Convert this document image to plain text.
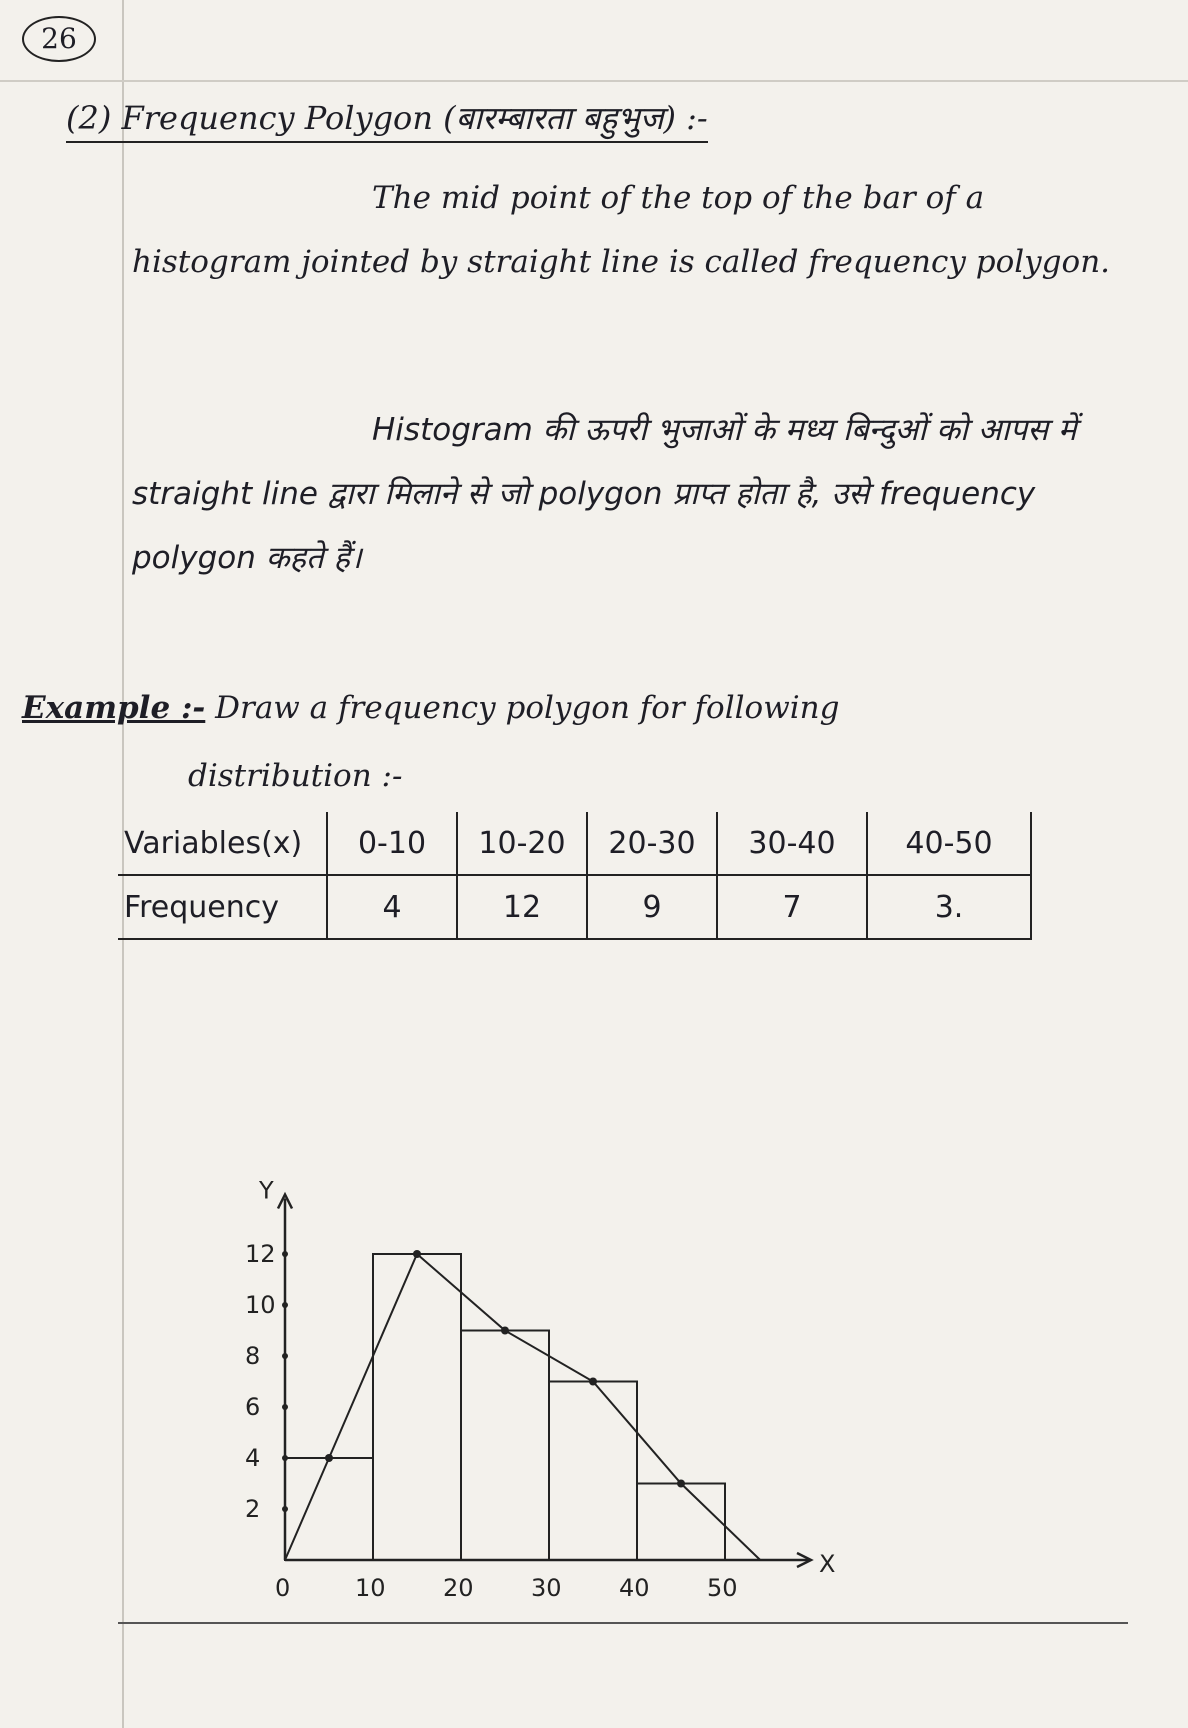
26
(2) Frequency Polygon (बारम्बारता बहुभुज) :-
The mid point of the top of the bar of a histogram jointed by straight line is called frequency polygon.
Histogram की ऊपरी भुजाओं के मध्य बिन्दुओं को आपस में straight line द्वारा मिलाने से जो polygon प्राप्त होता है, उसे frequency polygon कहते हैं।
Example :- Draw a frequency polygon for following
distribution :-
Variables(x)	0-10	10-20	20-30	30-40	40-50
Frequency	4	12	9	7	3.
Y
X
0	10 20 30 40 50
2
4
6
8
10
12
